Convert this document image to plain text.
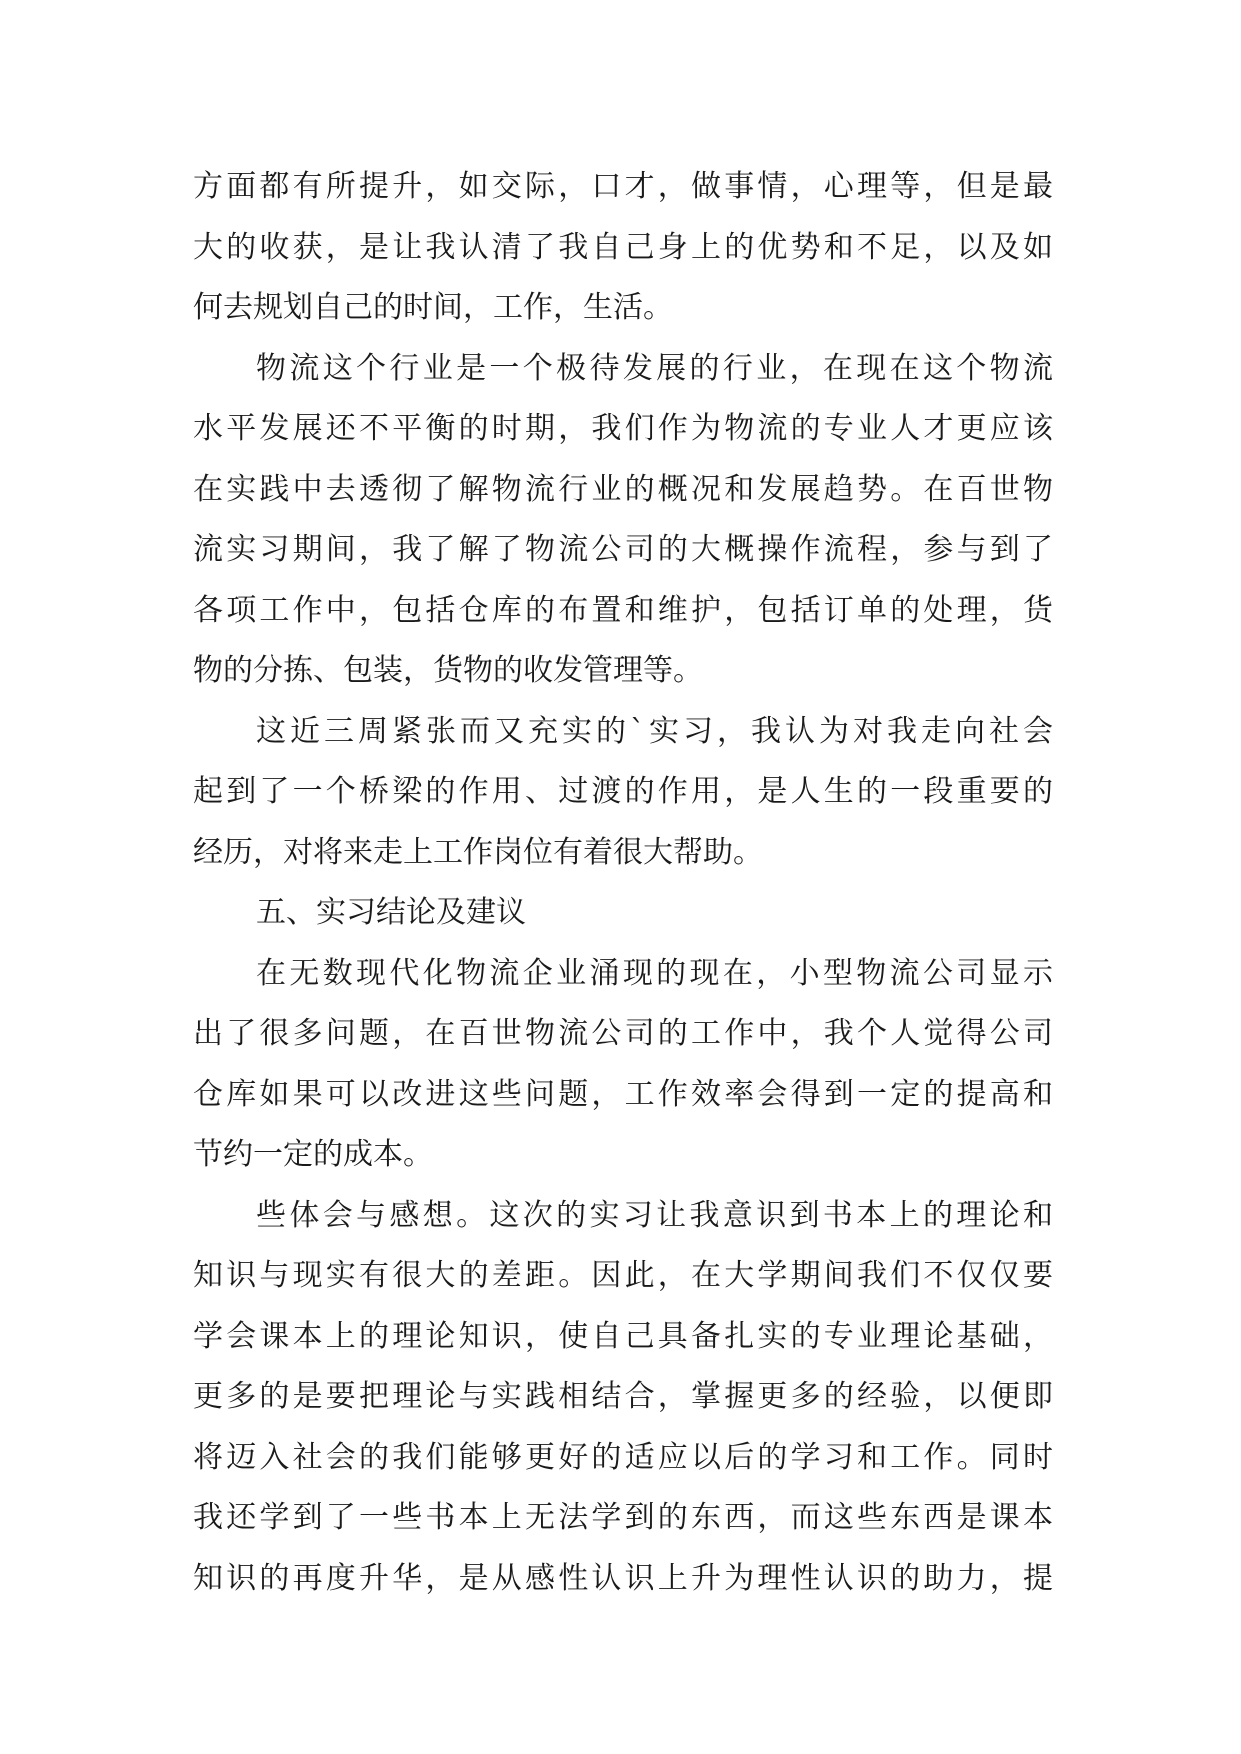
方面都有所提升，如交际，口才，做事情，心理等，但是最
大的收获，是让我认清了我自己身上的优势和不足，以及如
何去规划自己的时间，工作，生活。
物流这个行业是一个极待发展的行业，在现在这个物流
水平发展还不平衡的时期，我们作为物流的专业人才更应该
在实践中去透彻了解物流行业的概况和发展趋势。在百世物
流实习期间，我了解了物流公司的大概操作流程，参与到了
各项工作中，包括仓库的布置和维护，包括订单的处理，货
物的分拣、包装，货物的收发管理等。
这近三周紧张而又充实的`实习，我认为对我走向社会
起到了一个桥梁的作用、过渡的作用，是人生的一段重要的
经历，对将来走上工作岗位有着很大帮助。
五、实习结论及建议
在无数现代化物流企业涌现的现在，小型物流公司显示
出了很多问题，在百世物流公司的工作中，我个人觉得公司
仓库如果可以改进这些问题，工作效率会得到一定的提高和
节约一定的成本。
些体会与感想。这次的实习让我意识到书本上的理论和
知识与现实有很大的差距。因此，在大学期间我们不仅仅要
学会课本上的理论知识，使自己具备扎实的专业理论基础，
更多的是要把理论与实践相结合，掌握更多的经验，以便即
将迈入社会的我们能够更好的适应以后的学习和工作。同时
我还学到了一些书本上无法学到的东西，而这些东西是课本
知识的再度升华，是从感性认识上升为理性认识的助力，提
